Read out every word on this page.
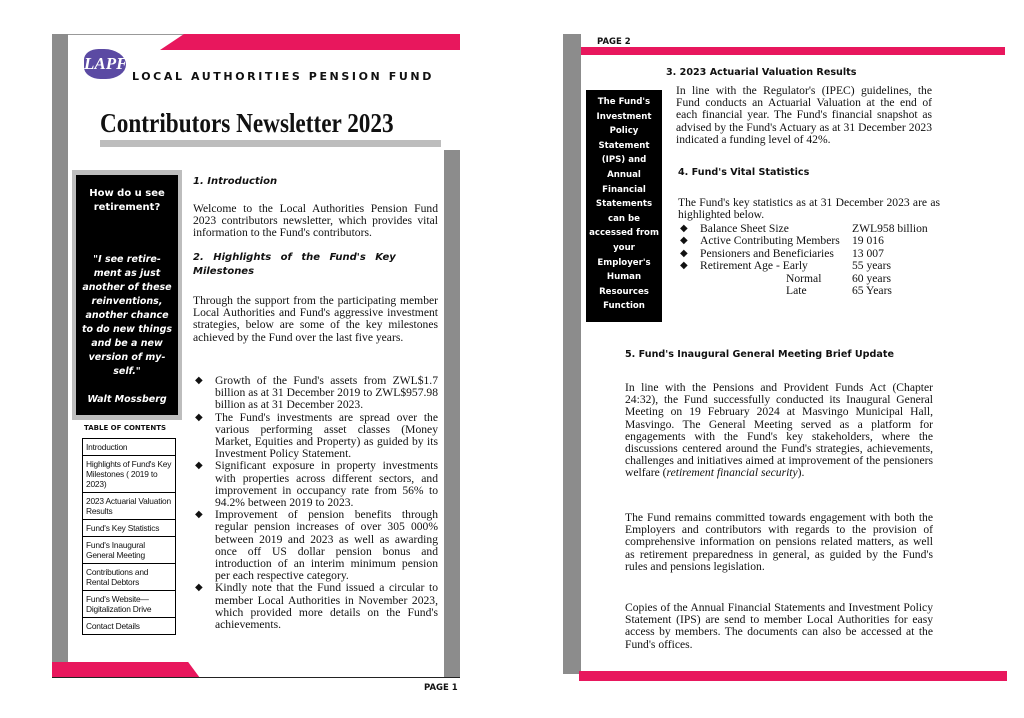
LAPF
LOCAL AUTHORITIES PENSION FUND
Contributors Newsletter 2023
How do u see retirement?
"I see retire-ment as just another of these reinventions, another chance to do new things and be a new version of my-self."
Walt Mossberg
TABLE OF CONTENTS
Introduction
Highlights of Fund's Key Milestones ( 2019 to 2023)
2023 Actuarial Valuation Results
Fund's Key Statistics
Fund's Inaugural General Meeting
Contributions and Rental Debtors
Fund's Website—Digitalization Drive
Contact Details
1. Introduction
Welcome to the Local Authorities Pension Fund 2023 contributors newsletter, which provides vital information to the Fund's contributors.
2. Highlights of the Fund's Key
Milestones
Through the support from the participating member Local Authorities and Fund's aggressive investment strategies, below are some of the key milestones achieved by the Fund over the last five years.
◆ Growth of the Fund's assets from ZWL$1.7 billion as at 31 December 2019 to ZWL$957.98 billion as at 31 December 2023.
◆ The Fund's investments are spread over the various performing asset classes (Money Market, Equities and Property) as guided by its Investment Policy Statement.
◆ Significant exposure in property investments with properties across different sectors, and improvement in occupancy rate from 56% to 94.2% between 2019 to 2023.
◆ Improvement of pension benefits through regular pension increases of over 305 000% between 2019 and 2023 as well as awarding once off US dollar pension bonus and introduction of an interim minimum pension per each respective category.
◆ Kindly note that the Fund issued a circular to member Local Authorities in November 2023, which provided more details on the Fund's achievements.
PAGE 1
PAGE 2
The Fund's Investment Policy Statement (IPS) and Annual Financial Statements can be accessed from your Employer's Human Resources Function
3. 2023 Actuarial Valuation Results
In line with the Regulator's (IPEC) guidelines, the Fund conducts an Actuarial Valuation at the end of each financial year. The Fund's financial snapshot as advised by the Fund's Actuary as at 31 December 2023 indicated a funding level of 42%.
4. Fund's Vital Statistics
The Fund's key statistics as at 31 December 2023 are as highlighted below.
◆ Balance Sheet Size	ZWL958 billion
◆ Active Contributing Members 19 016
◆ Pensioners and Beneficiaries 13 007
◆ Retirement Age - Early	55 years
Normal	60 years
Late	65 Years
5. Fund's Inaugural General Meeting Brief Update
In line with the Pensions and Provident Funds Act (Chapter 24:32), the Fund successfully conducted its Inaugural General Meeting on 19 February 2024 at Masvingo Municipal Hall, Masvingo. The General Meeting served as a platform for engagements with the Fund's key stakeholders, where the discussions centered around the Fund's strategies, achievements, challenges and initiatives aimed at improvement of the pensioners welfare (retirement financial security).
The Fund remains committed towards engagement with both the Employers and contributors with regards to the provision of comprehensive information on pensions related matters, as well as retirement preparedness in general, as guided by the Fund's rules and pensions legislation.
Copies of the Annual Financial Statements and Investment Policy Statement (IPS) are send to member Local Authorities for easy access by members. The documents can also be accessed at the Fund's offices.
